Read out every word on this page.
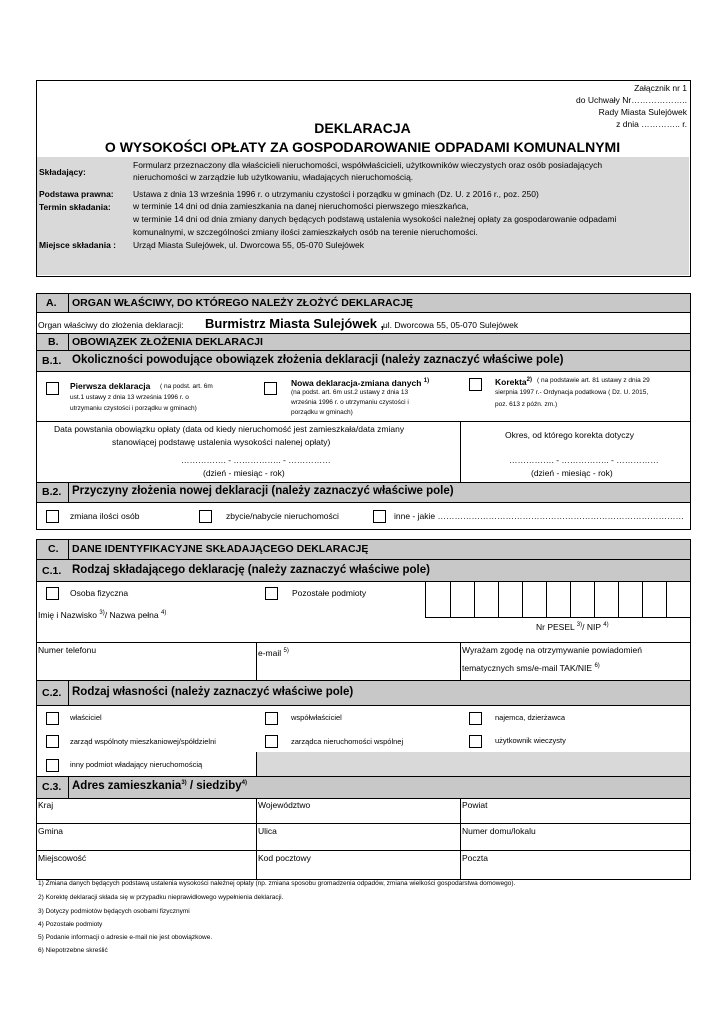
Załącznik nr 1
do Uchwały Nr………………..
Rady Miasta Sulejówek
z dnia ………….. r.
DEKLARACJA
O WYSOKOŚCI OPŁATY ZA GOSPODAROWANIE ODPADAMI KOMUNALNYMI
Składający:
Formularz przeznaczony dla właścicieli nieruchomości, współwłaścicieli, użytkowników wieczystych oraz osób posiadających
nieruchomości w zarządzie lub użytkowaniu, władających nieruchomością.
Podstawa prawna: Ustawa z dnia 13 września 1996 r. o utrzymaniu czystości i porządku w gminach (Dz. U. z 2016 r., poz. 250)
Termin składania:	w terminie 14 dni od dnia zamieszkania na danej nieruchomości pierwszego mieszkańca,
w terminie 14 dni od dnia zmiany danych będących podstawą ustalenia wysokości należnej opłaty za gospodarowanie odpadami
komunalnymi, w szczególności zmiany ilości zamieszkałych osób na terenie nieruchomości.
Miejsce składania : Urząd Miasta Sulejówek, ul. Dworcowa 55, 05-070 Sulejówek
A. ORGAN WŁAŚCIWY, DO KTÓREGO NALEŻY ZŁOŻYĆ DEKLARACJĘ
Organ właściwy do złożenia deklaracji: Burmistrz Miasta Sulejówek ,
ul. Dworcowa 55, 05-070 Sulejówek
B. OBOWIĄZEK ZŁOŻENIA DEKLARACJI
B.1. Okoliczności powodujące obowiązek złożenia deklaracji (należy zaznaczyć właściwe pole)
Pierwsza deklaracja ( na podst. art. 6m
ust.1 ustawy z dnia 13 września 1996 r. o
utrzymaniu czystości i porządku w gminach)
Nowa deklaracja-zmiana danych $^{1)}$
(na podst. art. 6m ust.2 ustawy z dnia 13
września 1996 r. o utrzymaniu czystości i
porządku w gminach)
Korekta$^{2)}$ ( na podstawie art. 81 ustawy z dnia 29
sierpnia 1997 r.- Ordynacja podatkowa ( Dz. U. 2015,
poz. 613 z późn. zm.)
Data powstania obowiązku opłaty (data od kiedy nieruchomość jest zamieszkała/data zmiany
stanowiącej podstawę ustalenia wysokości nalenej opłaty)
……………. - …………….. - ……………
(dzień - miesiąc - rok)
Okres, od którego korekta dotyczy
……………. - …………….. - ……………
(dzień - miesiąc - rok)
B.2. Przyczyny złożenia nowej deklaracji (należy zaznaczyć właściwe pole)
zmiana ilości osób	zbycie/nabycie nieruchomości	inne - jakie ……………………………………………………………………………
C. DANE IDENTYFIKACYJNE SKŁADAJĄCEGO DEKLARACJĘ
C.1. Rodzaj składającego deklarację (należy zaznaczyć właściwe pole)
Osoba fizyczna	Pozostałe podmioty
Imię i Nazwisko $^{3)}$/ Nazwa pełna $^{4)}$
Nr PESEL $^{3)}$/ NIP $^{4)}$
Numer telefonu	e-mail $^{5)}$	Wyrażam zgodę na otrzymywanie powiadomień
tematycznych sms/e-mail TAK/NIE $^{6)}$
C.2. Rodzaj własności (należy zaznaczyć właściwe pole)
właściciel	współwłaściciel	najemca, dzierżawca
zarząd wspólnoty mieszkaniowej/spółdzielni	zarządca nieruchomości wspólnej	użytkownik wieczysty
inny podmiot władający nieruchomością
C.3. Adres zamieszkania$^{3)}$ / siedziby$^{4)}$
Kraj	Województwo	Powiat
Gmina	Ulica	Numer domu/lokalu
Miejscowość	Kod pocztowy	Poczta
1) Zmiana danych będących podstawą ustalenia wysokości należnej opłaty (np. zmiana sposobu gromadzenia odpadów, zmiana wielkości gospodarstwa domowego).
2) Korektę deklaracji składa się w przypadku nieprawidłowego wypełnienia deklaracji.
3) Dotyczy podmiotów będących osobami fizycznymi
4) Pozostałe podmioty
5) Podanie informacji o adresie e-mail nie jest obowiązkowe.
6) Niepotrzebne skreślić
